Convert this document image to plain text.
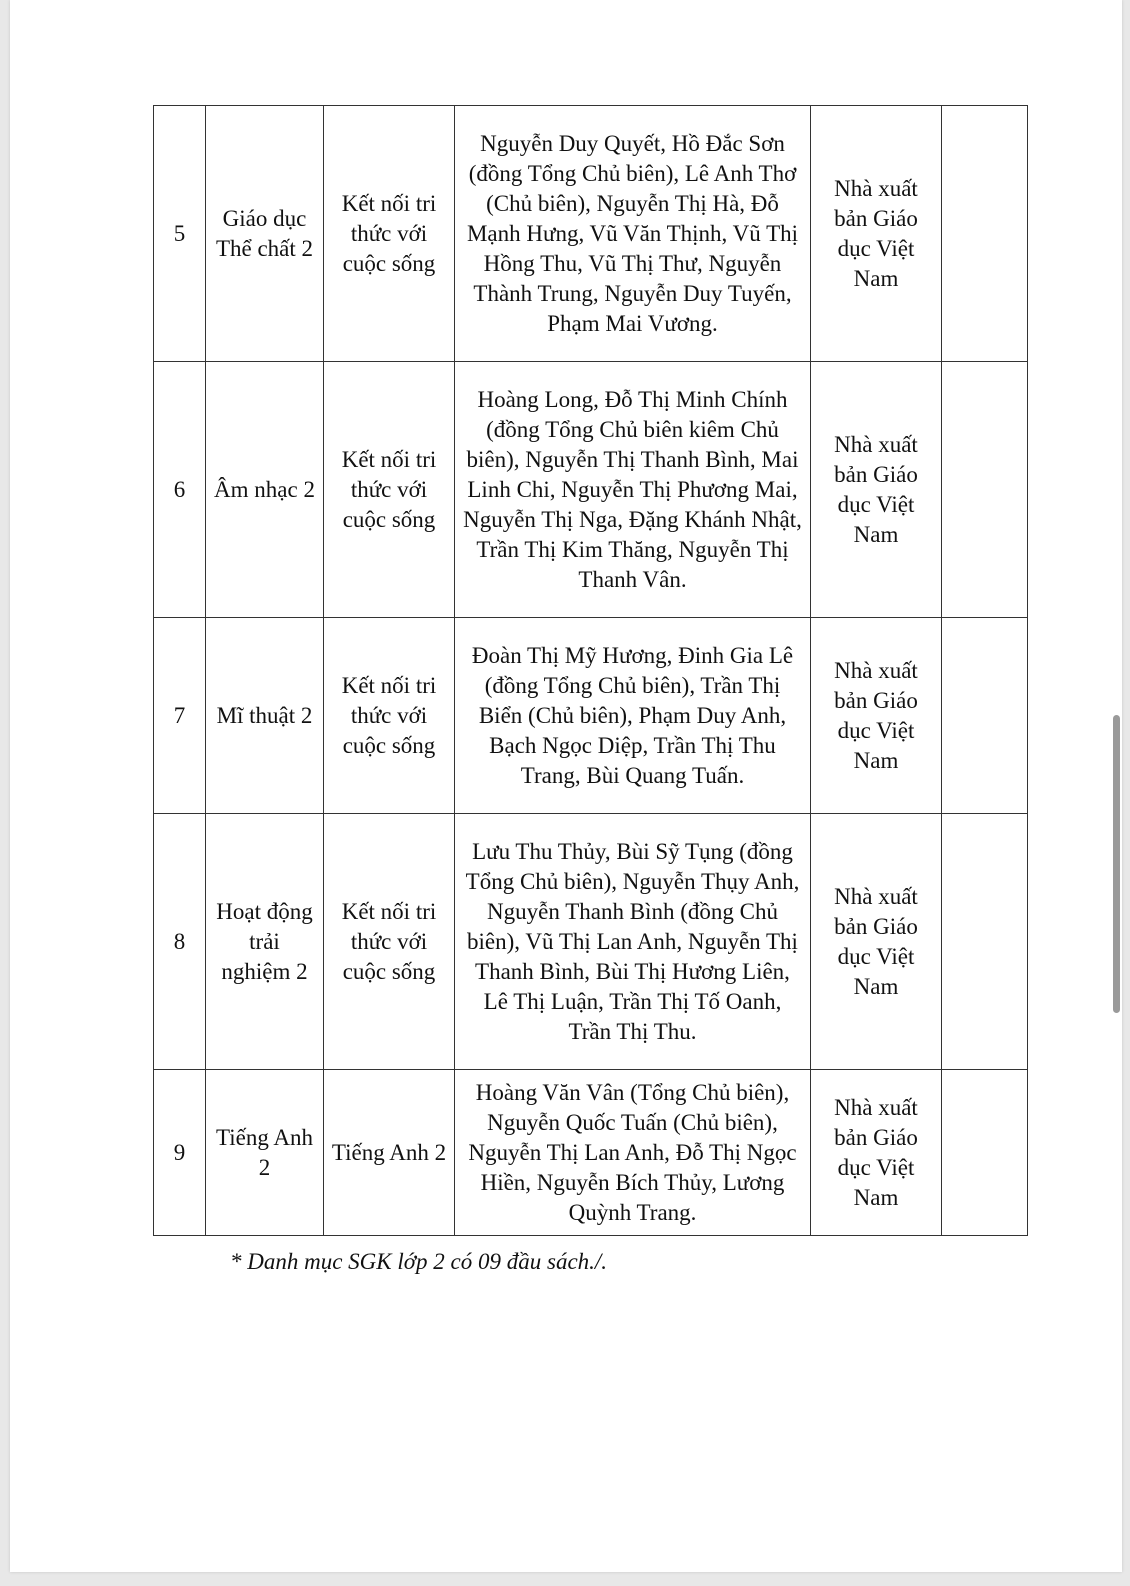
5	Giáo dục Thể chất 2	Kết nối tri thức với cuộc sống	Nguyễn Duy Quyết, Hồ Đắc Sơn (đồng Tổng Chủ biên), Lê Anh Thơ (Chủ biên), Nguyễn Thị Hà, Đỗ Mạnh Hưng, Vũ Văn Thịnh, Vũ Thị Hồng Thu, Vũ Thị Thư, Nguyễn Thành Trung, Nguyễn Duy Tuyến, Phạm Mai Vương.	Nhà xuất bản Giáo dục Việt Nam	
6	Âm nhạc 2	Kết nối tri thức với cuộc sống	Hoàng Long, Đỗ Thị Minh Chính (đồng Tổng Chủ biên kiêm Chủ biên), Nguyễn Thị Thanh Bình, Mai Linh Chi, Nguyễn Thị Phương Mai, Nguyễn Thị Nga, Đặng Khánh Nhật, Trần Thị Kim Thăng, Nguyễn Thị Thanh Vân.	Nhà xuất bản Giáo dục Việt Nam	
7	Mĩ thuật 2	Kết nối tri thức với cuộc sống	Đoàn Thị Mỹ Hương, Đinh Gia Lê (đồng Tổng Chủ biên), Trần Thị Biển (Chủ biên), Phạm Duy Anh, Bạch Ngọc Diệp, Trần Thị Thu Trang, Bùi Quang Tuấn.	Nhà xuất bản Giáo dục Việt Nam	
8	Hoạt động trải nghiệm 2	Kết nối tri thức với cuộc sống	Lưu Thu Thủy, Bùi Sỹ Tụng (đồng Tổng Chủ biên), Nguyễn Thụy Anh, Nguyễn Thanh Bình (đồng Chủ biên), Vũ Thị Lan Anh, Nguyễn Thị Thanh Bình, Bùi Thị Hương Liên, Lê Thị Luận, Trần Thị Tố Oanh, Trần Thị Thu.	Nhà xuất bản Giáo dục Việt Nam	
9	Tiếng Anh 2	Tiếng Anh 2	Hoàng Văn Vân (Tổng Chủ biên), Nguyễn Quốc Tuấn (Chủ biên), Nguyễn Thị Lan Anh, Đỗ Thị Ngọc Hiền, Nguyễn Bích Thủy, Lương Quỳnh Trang.	Nhà xuất bản Giáo dục Việt Nam	
* Danh mục SGK lớp 2 có 09 đầu sách./.
